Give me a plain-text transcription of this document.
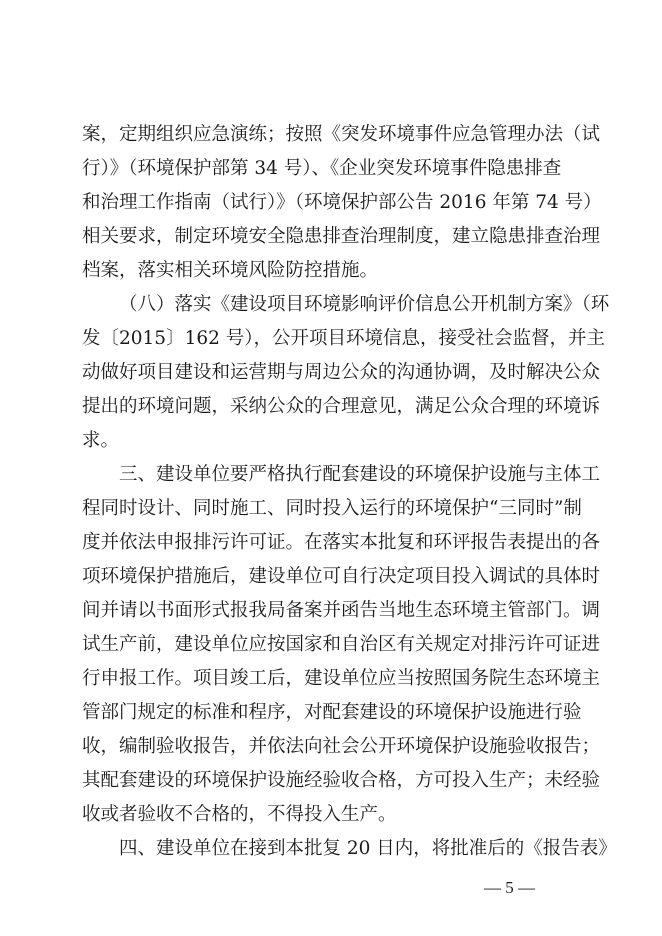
案，定期组织应急演练；按照《突发环境事件应急管理办法（试
行）》（环境保护部第 34 号）、《企业突发环境事件隐患排查
和治理工作指南（试行）》（环境保护部公告 2016 年第 74 号）
相关要求，制定环境安全隐患排查治理制度，建立隐患排查治理
档案，落实相关环境风险防控措施。
（八）落实《建设项目环境影响评价信息公开机制方案》（环
发〔2015〕162 号），公开项目环境信息，接受社会监督，并主
动做好项目建设和运营期与周边公众的沟通协调，及时解决公众
提出的环境问题，采纳公众的合理意见，满足公众合理的环境诉
求。
三、建设单位要严格执行配套建设的环境保护设施与主体工
程同时设计、同时施工、同时投入运行的环境保护“三同时”制
度并依法申报排污许可证。在落实本批复和环评报告表提出的各
项环境保护措施后，建设单位可自行决定项目投入调试的具体时
间并请以书面形式报我局备案并函告当地生态环境主管部门。调
试生产前，建设单位应按国家和自治区有关规定对排污许可证进
行申报工作。项目竣工后，建设单位应当按照国务院生态环境主
管部门规定的标准和程序，对配套建设的环境保护设施进行验
收，编制验收报告，并依法向社会公开环境保护设施验收报告；
其配套建设的环境保护设施经验收合格，方可投入生产；未经验
收或者验收不合格的，不得投入生产。
四、建设单位在接到本批复 20 日内，将批准后的《报告表》
— 5 —
